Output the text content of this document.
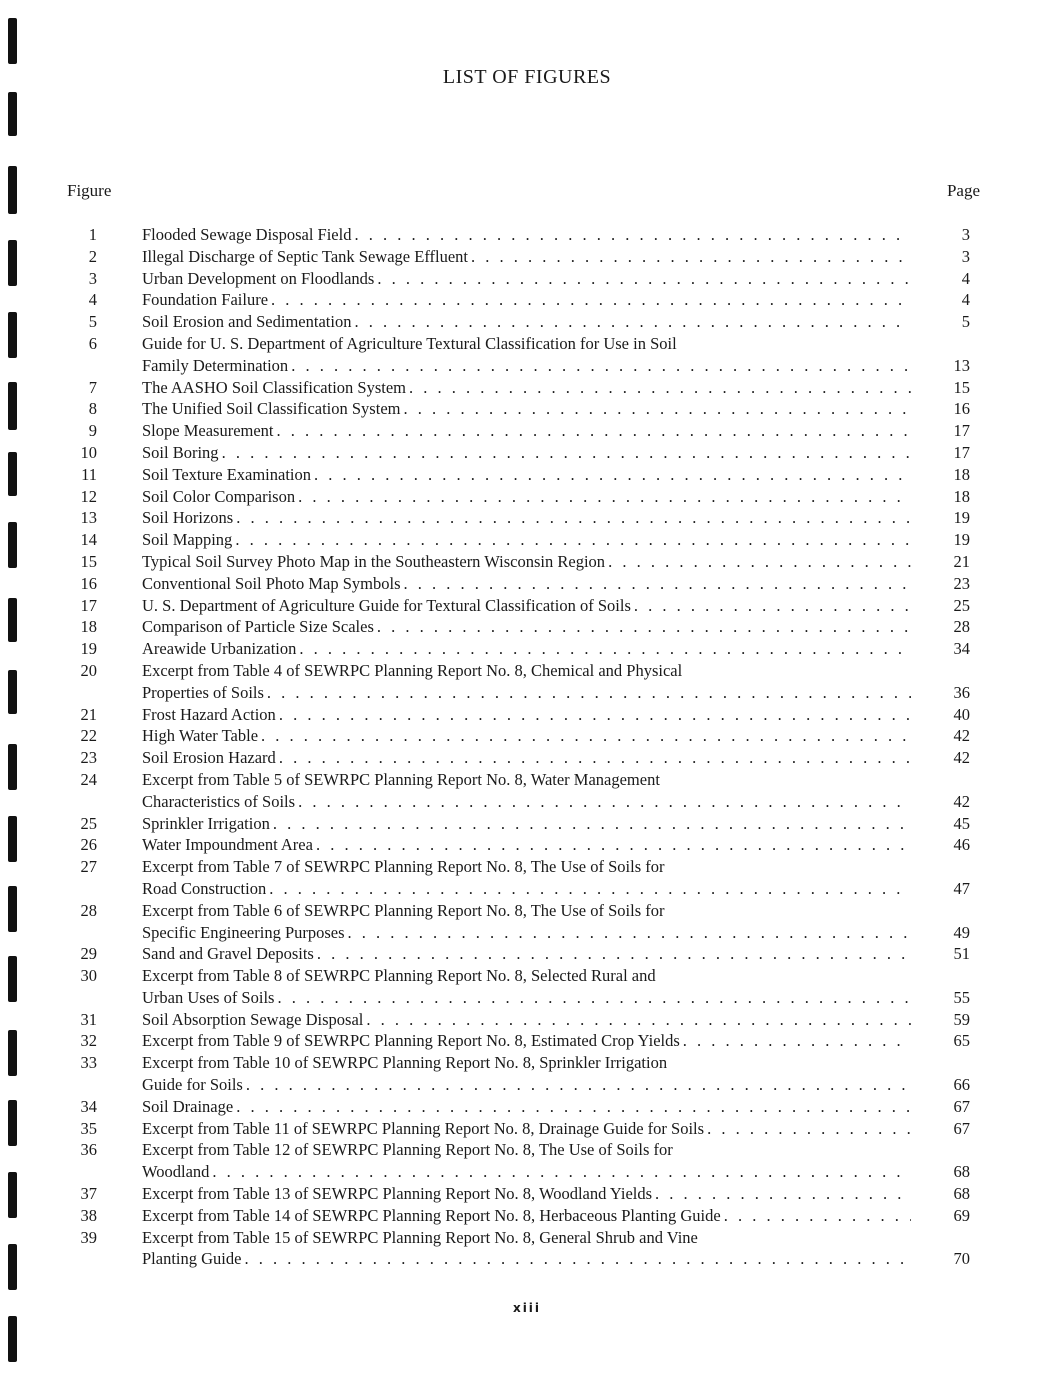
LIST OF FIGURES
Figure	Page
1	Flooded Sewage Disposal Field . . .	3
2	Illegal Discharge of Septic Tank Sewage Effluent . . .	3
3	Urban Development on Floodlands . . .	4
4	Foundation Failure . . .	4
5	Soil Erosion and Sedimentation . . .	5
6	Guide for U. S. Department of Agriculture Textural Classification for Use in Soil
Family Determination . . .	13
7	The AASHO Soil Classification System . . .	15
8	The Unified Soil Classification System . . .	16
9	Slope Measurement . . .	17
10	Soil Boring . . .	17
11	Soil Texture Examination . . .	18
12	Soil Color Comparison . . .	18
13	Soil Horizons . . .	19
14	Soil Mapping . . .	19
15	Typical Soil Survey Photo Map in the Southeastern Wisconsin Region . . .	21
16	Conventional Soil Photo Map Symbols . . .	23
17	U. S. Department of Agriculture Guide for Textural Classification of Soils . . .	25
18	Comparison of Particle Size Scales . . .	28
19	Areawide Urbanization . . .	34
20	Excerpt from Table 4 of SEWRPC Planning Report No. 8, Chemical and Physical
Properties of Soils . . .	36
21	Frost Hazard Action . . .	40
22	High Water Table . . .	42
23	Soil Erosion Hazard . . .	42
24	Excerpt from Table 5 of SEWRPC Planning Report No. 8, Water Management
Characteristics of Soils . . .	42
25	Sprinkler Irrigation . . .	45
26	Water Impoundment Area . . .	46
27	Excerpt from Table 7 of SEWRPC Planning Report No. 8, The Use of Soils for
Road Construction . . .	47
28	Excerpt from Table 6 of SEWRPC Planning Report No. 8, The Use of Soils for
Specific Engineering Purposes . . .	49
29	Sand and Gravel Deposits . . .	51
30	Excerpt from Table 8 of SEWRPC Planning Report No. 8, Selected Rural and
Urban Uses of Soils . . .	55
31	Soil Absorption Sewage Disposal . . .	59
32	Excerpt from Table 9 of SEWRPC Planning Report No. 8, Estimated Crop Yields . . .	65
33	Excerpt from Table 10 of SEWRPC Planning Report No. 8, Sprinkler Irrigation
Guide for Soils . . .	66
34	Soil Drainage . . .	67
35	Excerpt from Table 11 of SEWRPC Planning Report No. 8, Drainage Guide for Soils . . .	67
36	Excerpt from Table 12 of SEWRPC Planning Report No. 8, The Use of Soils for
Woodland . . .	68
37	Excerpt from Table 13 of SEWRPC Planning Report No. 8, Woodland Yields . . .	68
38	Excerpt from Table 14 of SEWRPC Planning Report No. 8, Herbaceous Planting Guide . . .	69
39	Excerpt from Table 15 of SEWRPC Planning Report No. 8, General Shrub and Vine
Planting Guide . . .	70
xiii
